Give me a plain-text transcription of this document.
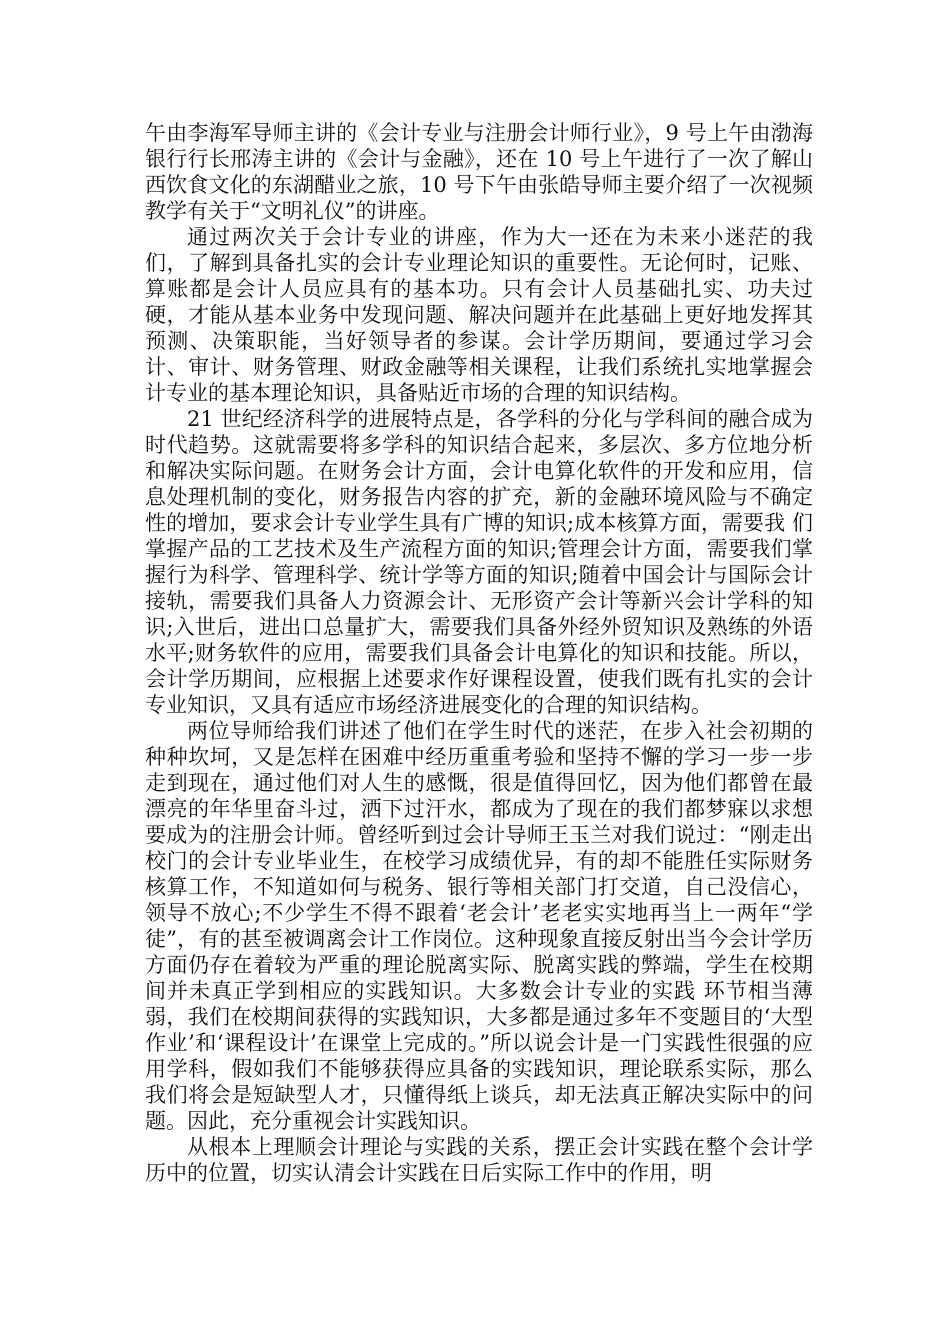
午由李海军导师主讲的《会计专业与注册会计师行业》，9 号上午由渤海银行行长邢涛主讲的《会计与金融》，还在 10 号上午进行了一次了解山西饮食文化的东湖醋业之旅，10 号下午由张皓导师主要介绍了一次视频教学有关于“文明礼仪”的讲座。

通过两次关于会计专业的讲座，作为大一还在为未来小迷茫的我们，了解到具备扎实的会计专业理论知识的重要性。无论何时，记账、算账都是会计人员应具有的基本功。只有会计人员基础扎实、功夫过硬，才能从基本业务中发现问题、解决问题并在此基础上更好地发挥其预测、决策职能，当好领导者的参谋。会计学历期间，要通过学习会计、审计、财务管理、财政金融等相关课程，让我们系统扎实地掌握会计专业的基本理论知识，具备贴近市场的合理的知识结构。

21 世纪经济科学的进展特点是，各学科的分化与学科间的融合成为时代趋势。这就需要将多学科的知识结合起来，多层次、多方位地分析和解决实际问题。在财务会计方面，会计电算化软件的开发和应用，信息处理机制的变化，财务报告内容的扩充，新的金融环境风险与不确定性的增加，要求会计专业学生具有广博的知识;成本核算方面，需要我 们掌握产品的工艺技术及生产流程方面的知识;管理会计方面，需要我们掌握行为科学、管理科学、统计学等方面的知识;随着中国会计与国际会计接轨，需要我们具备人力资源会计、无形资产会计等新兴会计学科的知识;入世后，进出口总量扩大，需要我们具备外经外贸知识及熟练的外语水平;财务软件的应用，需要我们具备会计电算化的知识和技能。所以，会计学历期间，应根据上述要求作好课程设置，使我们既有扎实的会计专业知识，又具有适应市场经济进展变化的合理的知识结构。

两位导师给我们讲述了他们在学生时代的迷茫，在步入社会初期的种种坎坷，又是怎样在困难中经历重重考验和坚持不懈的学习一步一步走到现在，通过他们对人生的感慨，很是值得回忆，因为他们都曾在最漂亮的年华里奋斗过，洒下过汗水，都成为了现在的我们都梦寐以求想要成为的注册会计师。曾经听到过会计导师王玉兰对我们说过：“刚走出校门的会计专业毕业生，在校学习成绩优异，有的却不能胜任实际财务核算工作，不知道如何与税务、银行等相关部门打交道，自己没信心，领导不放心;不少学生不得不跟着‘老会计’老老实实地再当上一两年“学徒”，有的甚至被调离会计工作岗位。这种现象直接反射出当今会计学历方面仍存在着较为严重的理论脱离实际、脱离实践的弊端，学生在校期间并未真正学到相应的实践知识。大多数会计专业的实践 环节相当薄弱，我们在校期间获得的实践知识，大多都是通过多年不变题目的‘大型作业’和‘课程设计’在课堂上完成的。”所以说会计是一门实践性很强的应用学科，假如我们不能够获得应具备的实践知识，理论联系实际，那么我们将会是短缺型人才，只懂得纸上谈兵，却无法真正解决实际中的问题。因此，充分重视会计实践知识。

从根本上理顺会计理论与实践的关系，摆正会计实践在整个会计学历中的位置，切实认清会计实践在日后实际工作中的作用，明
